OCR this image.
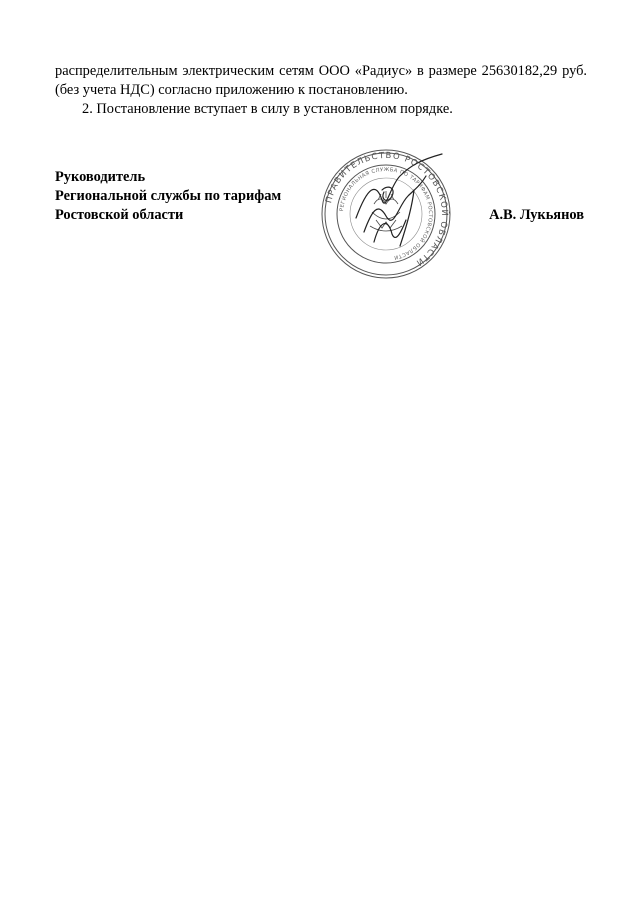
распределительным электрическим сетям ООО «Радиус» в размере 25630182,29 руб. (без учета НДС) согласно приложению к постановлению.

2. Постановление вступает в силу в установленном порядке.

Руководитель
Региональной службы по тарифам
Ростовской области	А.В. Лукьянов
ПРАВИТЕЛЬСТВО РОСТОВСКОЙ ОБЛАСТИ
РЕГИОНАЛЬНАЯ СЛУЖБА ПО ТАРИФАМ РОСТОВСКОЙ ОБЛАСТИ
